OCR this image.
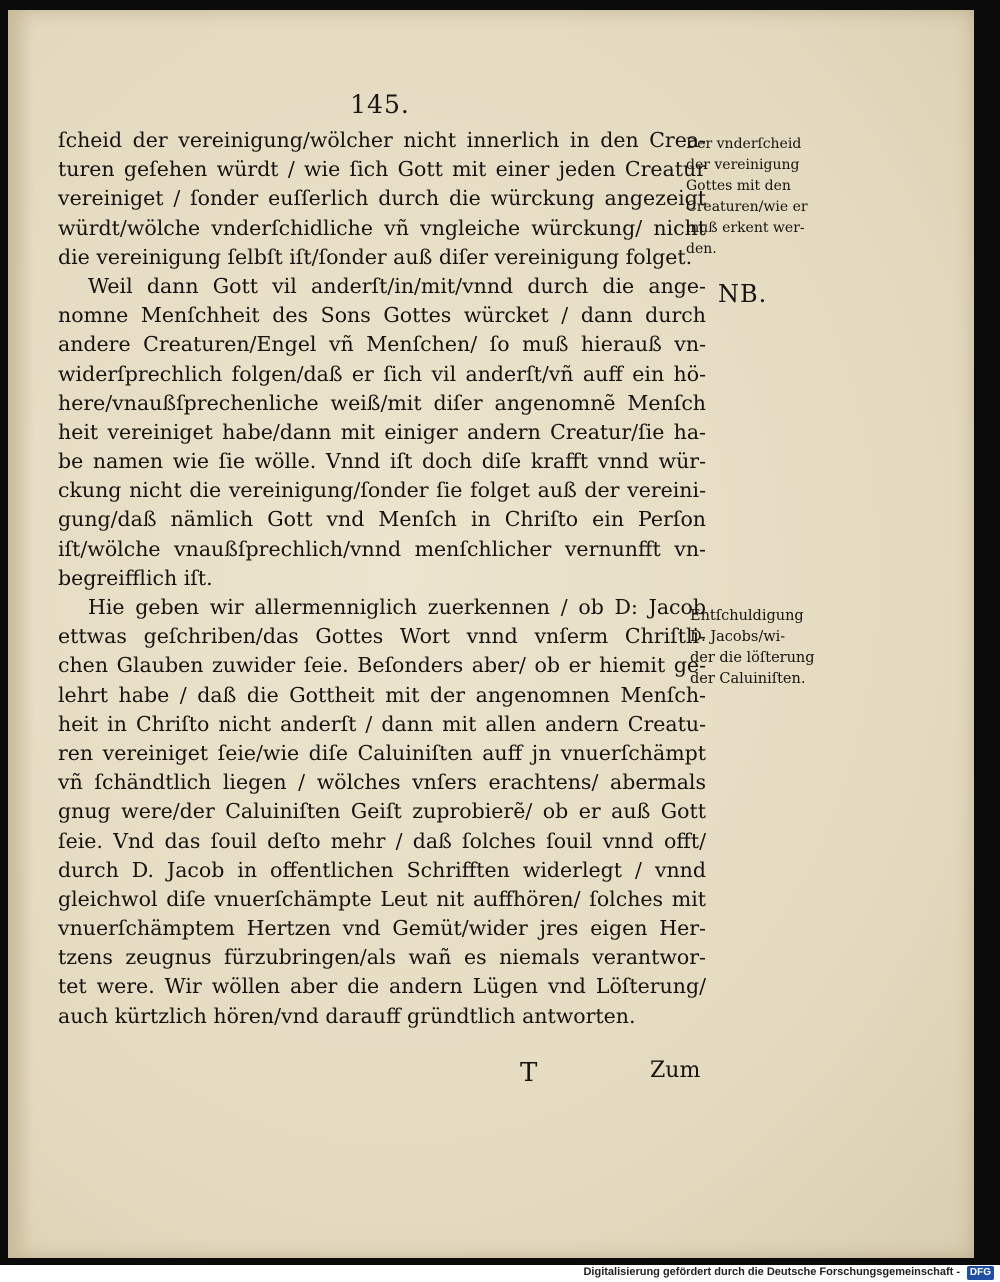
145.
ſcheid der vereinigung/wölcher nicht innerlich in den Crea-
turen geſehen würdt / wie ſich Gott mit einer jeden Creatur
vereiniget / ſonder euſſerlich durch die würckung angezeigt
würdt/wölche vnderſchidliche vñ vngleiche würckung/ nicht
die vereinigung ſelbſt iſt/ſonder auß diſer vereinigung folget.
Weil dann Gott vil anderſt/in/mit/vnnd durch die ange-
nomne Menſchheit des Sons Gottes würcket / dann durch
andere Creaturen/Engel vñ Menſchen/ ſo muß hierauß vn-
widerſprechlich folgen/daß er ſich vil anderſt/vñ auff ein hö-
here/vnaußſprechenliche weiß/mit diſer angenomnẽ Menſch
heit vereiniget habe/dann mit einiger andern Creatur/ſie ha-
be namen wie ſie wölle. Vnnd iſt doch diſe krafft vnnd wür-
ckung nicht die vereinigung/ſonder ſie folget auß der vereini-
gung/daß nämlich Gott vnd Menſch in Chriſto ein Perſon
iſt/wölche vnaußſprechlich/vnnd menſchlicher vernunfft vn-
begreifflich iſt.
Hie geben wir allermenniglich zuerkennen / ob D: Jacob
ettwas geſchriben/das Gottes Wort vnnd vnſerm Chriſtli-
chen Glauben zuwider ſeie. Beſonders aber/ ob er hiemit ge-
lehrt habe / daß die Gottheit mit der angenomnen Menſch-
heit in Chriſto nicht anderſt / dann mit allen andern Creatu-
ren vereiniget ſeie/wie diſe Caluiniſten auff jn vnuerſchämpt
vñ ſchändtlich liegen / wölches vnſers erachtens/ abermals
gnug were/der Caluiniſten Geiſt zuprobierẽ/ ob er auß Gott
ſeie. Vnd das ſouil deſto mehr / daß ſolches ſouil vnnd offt/
durch D. Jacob in offentlichen Schrifften widerlegt / vnnd
gleichwol diſe vnuerſchämpte Leut nit auffhören/ ſolches mit
vnuerſchämptem Hertzen vnd Gemüt/wider jres eigen Her-
tzens zeugnus fürzubringen/als wañ es niemals verantwor-
tet were. Wir wöllen aber die andern Lügen vnd Löſterung/
auch kürtzlich hören/vnd darauff gründtlich antworten.
Der vnderſcheid
der vereinigung
Gottes mit den
Creaturen/wie er
muß erkent wer-
den.
NB.
Entſchuldigung
D. Jacobs/wi-
der die löſterung
der Caluiniſten.
T	Zum
Digitalisierung gefördert durch die Deutsche Forschungsgemeinschaft - DFG
